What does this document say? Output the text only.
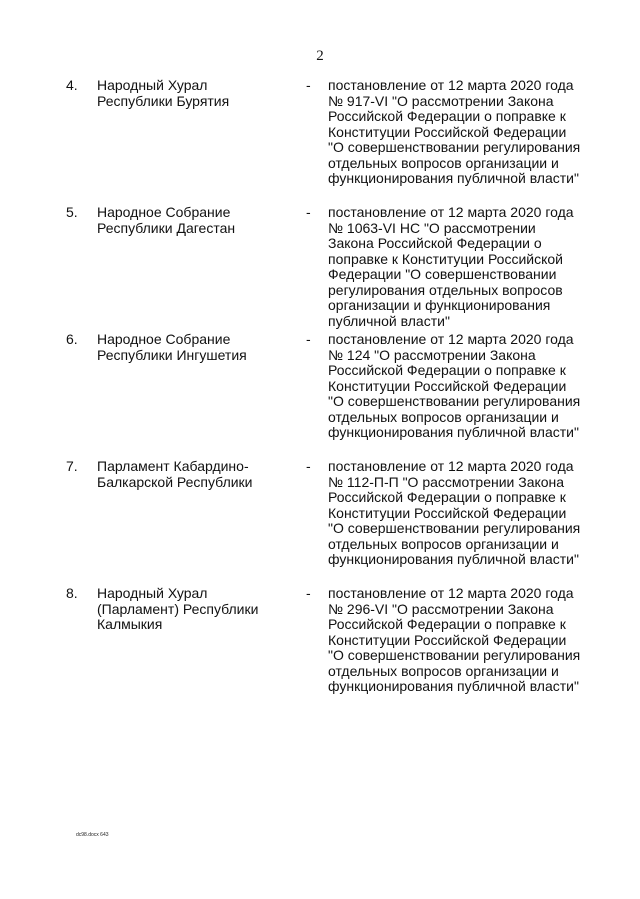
2
4. Народный Хурал
Республики Бурятия
- постановление от 12 марта 2020 года
№ 917-VI "О рассмотрении Закона
Российской Федерации о поправке к
Конституции Российской Федерации
"О совершенствовании регулирования
отдельных вопросов организации и
функционирования публичной власти"
5. Народное Собрание
Республики Дагестан
- постановление от 12 марта 2020 года
№ 1063-VI НС "О рассмотрении
Закона Российской Федерации о
поправке к Конституции Российской
Федерации "О совершенствовании
регулирования отдельных вопросов
организации и функционирования
публичной власти"
6. Народное Собрание
Республики Ингушетия
- постановление от 12 марта 2020 года
№ 124 "О рассмотрении Закона
Российской Федерации о поправке к
Конституции Российской Федерации
"О совершенствовании регулирования
отдельных вопросов организации и
функционирования публичной власти"
7. Парламент Кабардино-
Балкарской Республики
- постановление от 12 марта 2020 года
№ 112-П-П "О рассмотрении Закона
Российской Федерации о поправке к
Конституции Российской Федерации
"О совершенствовании регулирования
отдельных вопросов организации и
функционирования публичной власти"
8. Народный Хурал
(Парламент) Республики
Калмыкия
- постановление от 12 марта 2020 года
№ 296-VI "О рассмотрении Закона
Российской Федерации о поправке к
Конституции Российской Федерации
"О совершенствовании регулирования
отдельных вопросов организации и
функционирования публичной власти"
dc98.docx 643
